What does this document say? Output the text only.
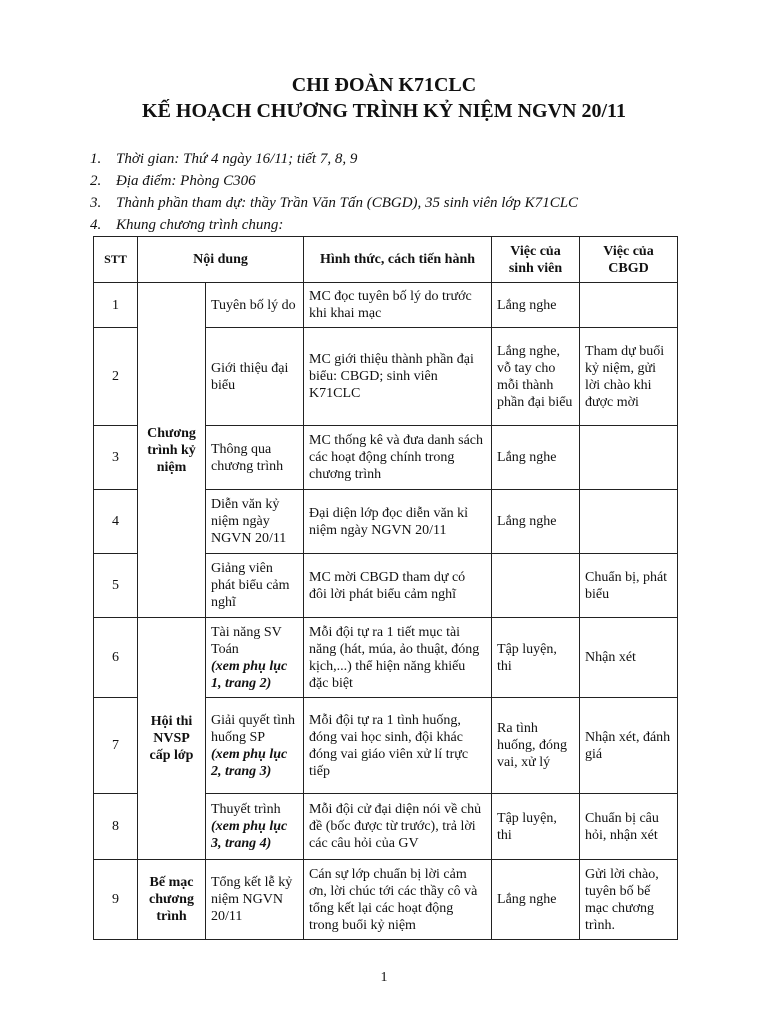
CHI ĐOÀN K71CLC
KẾ HOẠCH CHƯƠNG TRÌNH KỶ NIỆM NGVN 20/11
1. Thời gian: Thứ 4 ngày 16/11; tiết 7, 8, 9
2. Địa điểm: Phòng C306
3. Thành phần tham dự: thầy Trần Văn Tấn (CBGD), 35 sinh viên lớp K71CLC
4. Khung chương trình chung:
STT	Nội dung		Hình thức, cách tiến hành	Việc của sinh viên	Việc của CBGD
1	Chương trình kỷ niệm	Tuyên bố lý do	MC đọc tuyên bố lý do trước khi khai mạc	Lắng nghe	
2		Giới thiệu đại biểu	MC giới thiệu thành phần đại biểu: CBGD; sinh viên K71CLC	Lắng nghe, vỗ tay cho mỗi thành phần đại biểu	Tham dự buổi kỷ niệm, gửi lời chào khi được mời
3		Thông qua chương trình	MC thống kê và đưa danh sách các hoạt động chính trong chương trình	Lắng nghe	
4		Diễn văn kỷ niệm ngày NGVN 20/11	Đại diện lớp đọc diễn văn kỉ niệm ngày NGVN 20/11	Lắng nghe	
5		Giảng viên phát biểu cảm nghĩ	MC mời CBGD tham dự có đôi lời phát biểu cảm nghĩ		Chuẩn bị, phát biểu
6	Hội thi NVSP cấp lớp	Tài năng SV Toán
(xem phụ lục 1, trang 2)	Mỗi đội tự ra 1 tiết mục tài năng (hát, múa, ảo thuật, đóng kịch,...) thể hiện năng khiếu đặc biệt	Tập luyện, thi	Nhận xét
7		Giải quyết tình huống SP
(xem phụ lục 2, trang 3)	Mỗi đội tự ra 1 tình huống, đóng vai học sinh, đội khác đóng vai giáo viên xử lí trực tiếp	Ra tình huống, đóng vai, xử lý	Nhận xét, đánh giá
8		Thuyết trình
(xem phụ lục 3, trang 4)	Mỗi đội cử đại diện nói về chủ đề (bốc được từ trước), trả lời các câu hỏi của GV	Tập luyện, thi	Chuẩn bị câu hỏi, nhận xét
9	Bế mạc chương trình	Tổng kết lễ kỷ niệm NGVN 20/11	Cán sự lớp chuẩn bị lời cảm ơn, lời chúc tới các thầy cô và tổng kết lại các hoạt động trong buổi kỷ niệm	Lắng nghe	Gửi lời chào, tuyên bố bế mạc chương trình.
1
